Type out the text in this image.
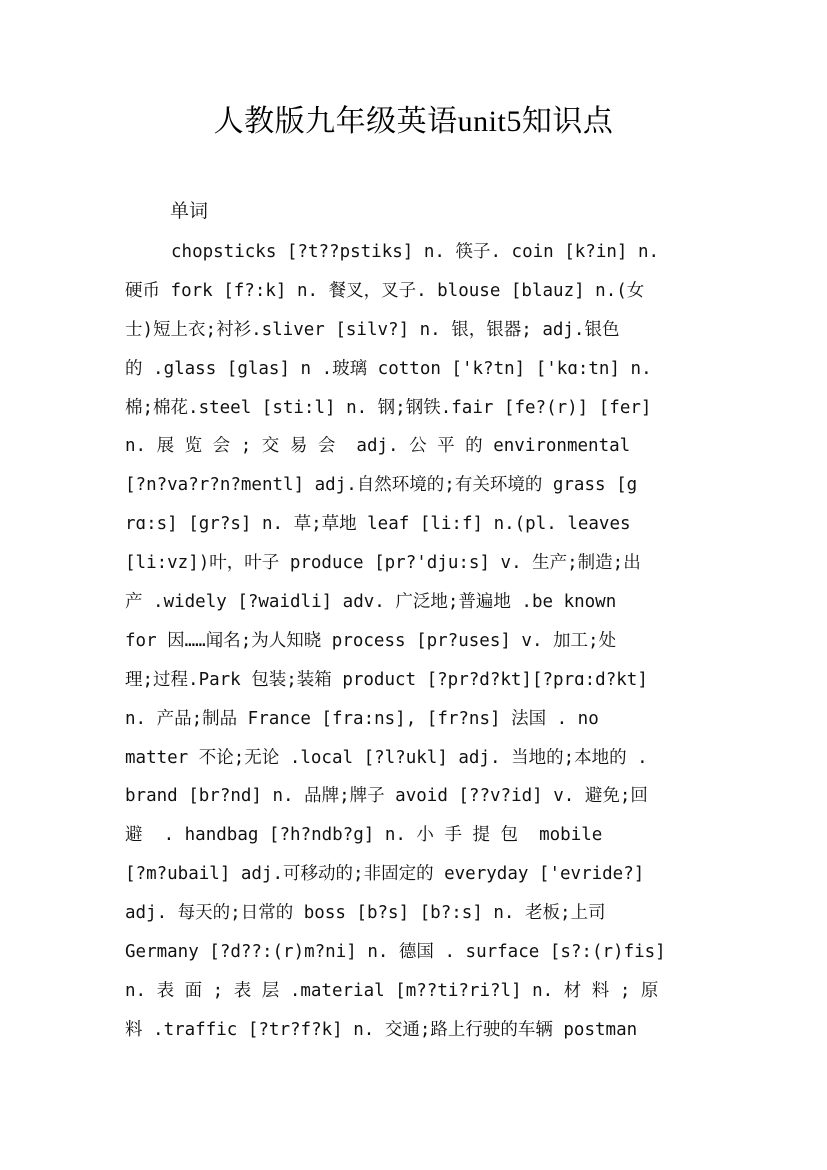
人教版九年级英语unit5知识点
单词
chopsticks [?t??pstiks] n. 筷子. coin [k?in] n.
硬币 fork [f?:k] n. 餐叉，叉子. blouse [blauz] n.(女
士)短上衣;衬衫.sliver [silv?] n. 银，银器; adj.银色
的 .glass [glas] n .玻璃 cotton ['k?tn] ['kɑ:tn] n.
棉;棉花.steel [sti:l] n. 钢;钢铁.fair [fe?(r)] [fer]
n. 展 览 会 ; 交 易 会  adj. 公 平 的 environmental
[?n?va?r?n?mentl] adj.自然环境的;有关环境的 grass [g
rɑ:s] [gr?s] n. 草;草地 leaf [li:f] n.(pl. leaves
[li:vz])叶，叶子 produce [pr?'dju:s] v. 生产;制造;出
产 .widely [?waidli] adv. 广泛地;普遍地 .be known
for 因……闻名;为人知晓 process [pr?uses] v. 加工;处
理;过程.Park 包装;装箱 product [?pr?d?kt][?prɑ:d?kt]
n. 产品;制品 France [fra:ns], [fr?ns] 法国 . no
matter 不论;无论 .local [?l?ukl] adj. 当地的;本地的 .
brand [br?nd] n. 品牌;牌子 avoid [??v?id] v. 避免;回
避  . handbag [?h?ndb?g] n. 小 手 提 包  mobile
[?m?ubail] adj.可移动的;非固定的 everyday ['evride?]
adj. 每天的;日常的 boss [b?s] [b?:s] n. 老板;上司
Germany [?d??:(r)m?ni] n. 德国 . surface [s?:(r)fis]
n. 表 面 ; 表 层 .material [m??ti?ri?l] n. 材 料 ; 原
料 .traffic [?tr?f?k] n. 交通;路上行驶的车辆 postman
